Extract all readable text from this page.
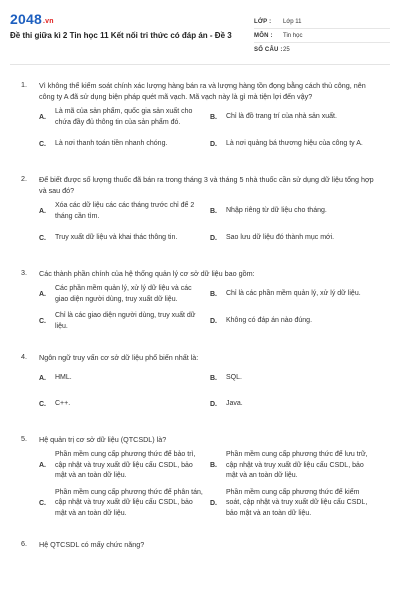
2048.vn
Đề thi giữa kì 2 Tin học 11 Kết nối tri thức có đáp án - Đề 3
LỚP :	Lớp 11
MÔN :	Tin học
SỐ CÂU : 25
1. Vì không thể kiểm soát chính xác lượng hàng bán ra và lượng hàng tồn đọng bằng cách thủ công, nên công ty A đã sử dụng biện pháp quét mã vạch. Mã vạch này là gì mà tiện lợi đến vậy?
A.
Là mã của sản phẩm, quốc gia sản xuất cho chứa đầy đủ thông tin của sản phẩm đó.
B.	Chỉ là đồ trang trí của nhà sản xuất.
C.	Là nơi thanh toán tiền nhanh chóng.	D.	Là nơi quảng bá thương hiệu của công ty A.
2. Để biết được số lượng thuốc đã bán ra trong tháng 3 và tháng 5 nhà thuốc cần sử dụng dữ liệu tổng hợp và sau đó?
A.
Xóa các dữ liệu các các tháng trước chỉ để 2 tháng cần tìm.
B.	Nhập riêng từ dữ liệu cho tháng.
C.	Truy xuất dữ liệu và khai thác thông tin.	D.	Sao lưu dữ liệu đó thành mục mới.
3. Các thành phần chính của hệ thống quản lý cơ sở dữ liệu bao gồm:
A.
Các phần mềm quản lý, xử lý dữ liệu và các giao diện người dùng, truy xuất dữ liệu.
B.	Chỉ là các phần mềm quản lý, xử lý dữ liệu.
C.
Chỉ là các giao diện người dùng, truy xuất dữ liệu.
D.	Không có đáp án nào đúng.
4. Ngôn ngữ truy vấn cơ sở dữ liệu phổ biến nhất là:
A.	HML.	B.	SQL.
C.	C++.	D.	Java.
5. Hệ quản trị cơ sở dữ liệu (QTCSDL) là?
A.
Phần mềm cung cấp phương thức để bảo trì, cập nhật và truy xuất dữ liệu cấu CSDL, bảo mật và an toàn dữ liệu.
B.
Phần mềm cung cấp phương thức để lưu trữ, cập nhật và truy xuất dữ liệu cấu CSDL, bảo mật và an toàn dữ liệu.
C.
Phần mềm cung cấp phương thức để phân tán, cập nhật và truy xuất dữ liệu cấu CSDL, bảo mật và an toàn dữ liệu.
D.
Phần mềm cung cấp phương thức để kiểm soát, cập nhật và truy xuất dữ liệu cấu CSDL, bảo mật và an toàn dữ liệu.
6. Hệ QTCSDL có mấy chức năng?
